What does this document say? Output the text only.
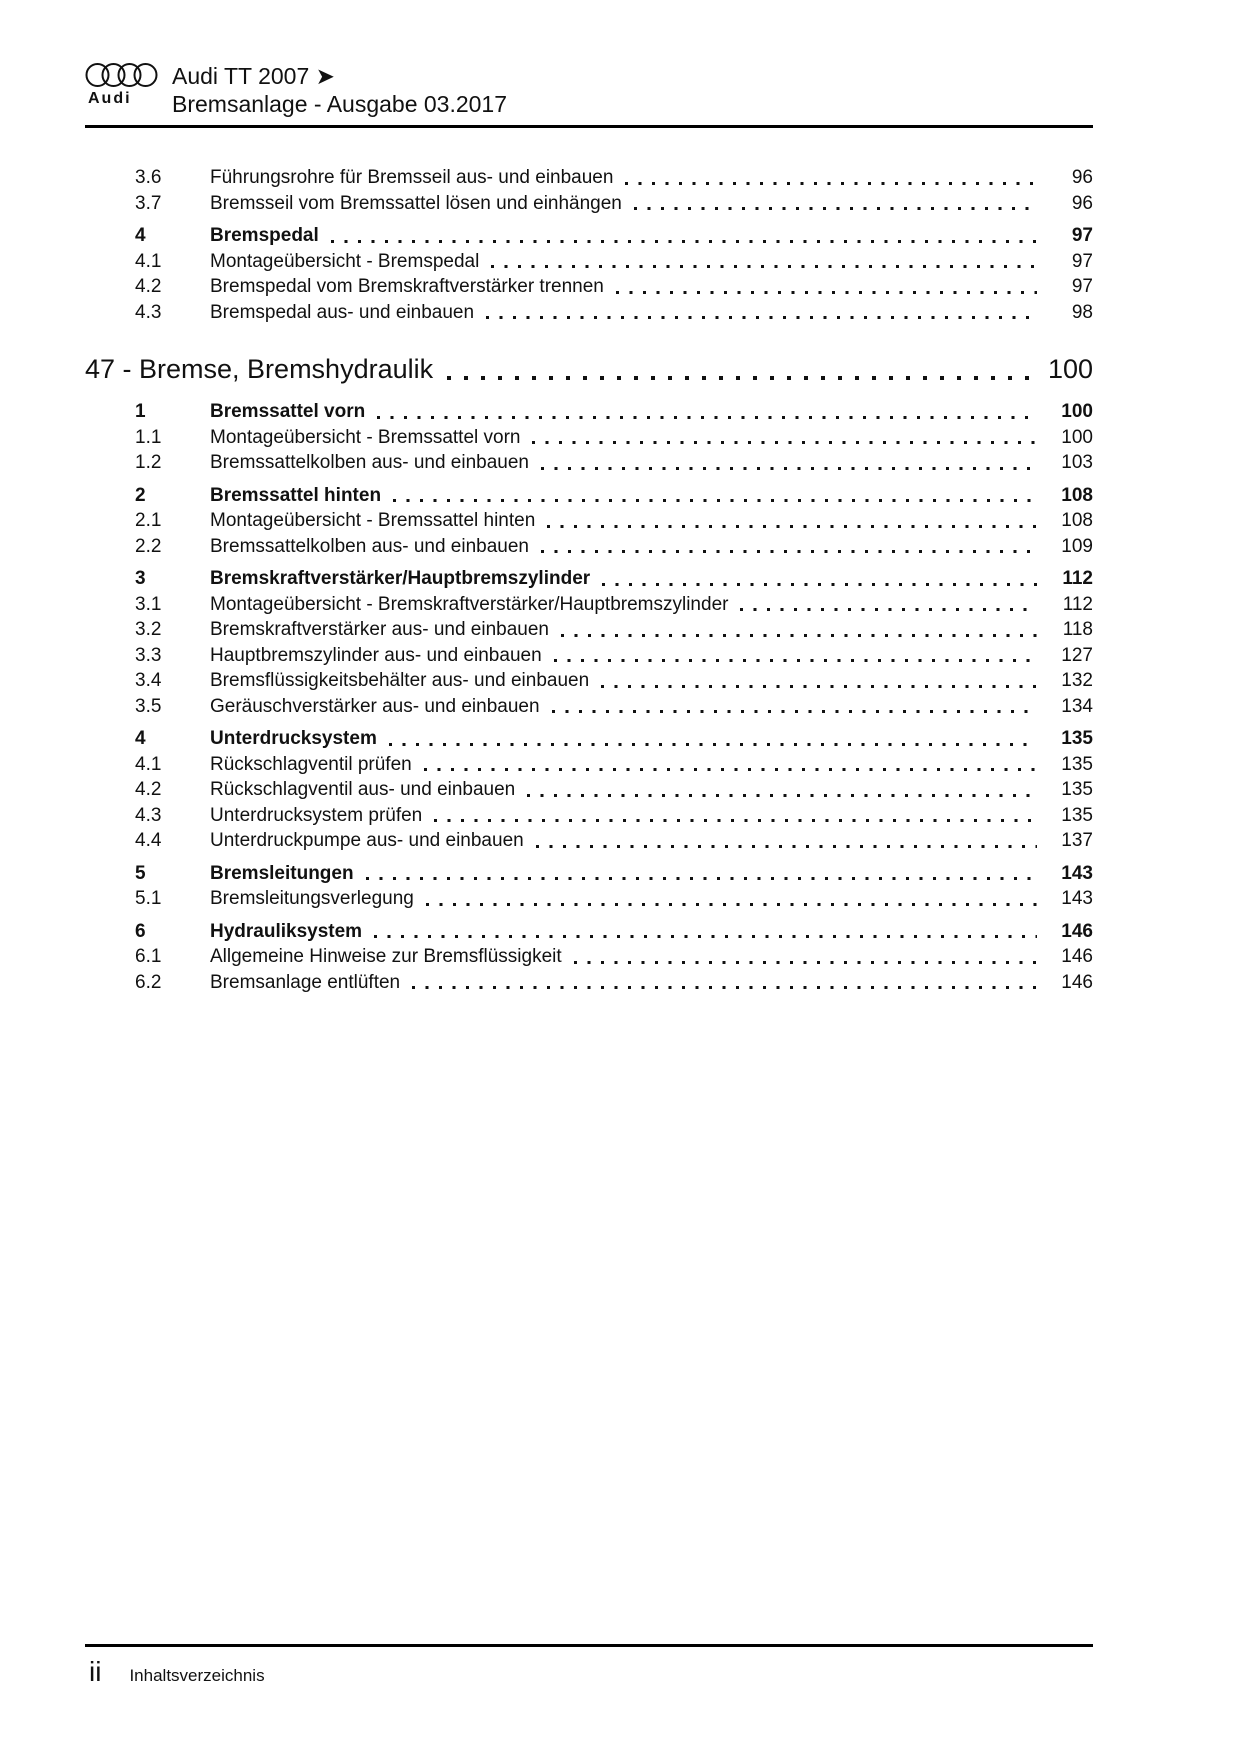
Audi
Audi TT 2007 ➤
Bremsanlage - Ausgabe 03.2017
3.6	Führungsrohre für Bremsseil aus- und einbauen	96
3.7	Bremsseil vom Bremssattel lösen und einhängen	96
4	Bremspedal	97
4.1	Montageübersicht - Bremspedal	97
4.2	Bremspedal vom Bremskraftverstärker trennen	97
4.3	Bremspedal aus- und einbauen	98
47 - Bremse, Bremshydraulik	100
1	Bremssattel vorn	100
1.1	Montageübersicht - Bremssattel vorn	100
1.2	Bremssattelkolben aus- und einbauen	103
2	Bremssattel hinten	108
2.1	Montageübersicht - Bremssattel hinten	108
2.2	Bremssattelkolben aus- und einbauen	109
3	Bremskraftverstärker/Hauptbremszylinder	112
3.1	Montageübersicht - Bremskraftverstärker/Hauptbremszylinder	112
3.2	Bremskraftverstärker aus- und einbauen	118
3.3	Hauptbremszylinder aus- und einbauen	127
3.4	Bremsflüssigkeitsbehälter aus- und einbauen	132
3.5	Geräuschverstärker aus- und einbauen	134
4	Unterdrucksystem	135
4.1	Rückschlagventil prüfen	135
4.2	Rückschlagventil aus- und einbauen	135
4.3	Unterdrucksystem prüfen	135
4.4	Unterdruckpumpe aus- und einbauen	137
5	Bremsleitungen	143
5.1	Bremsleitungsverlegung	143
6	Hydrauliksystem	146
6.1	Allgemeine Hinweise zur Bremsflüssigkeit	146
6.2	Bremsanlage entlüften	146
ii Inhaltsverzeichnis
